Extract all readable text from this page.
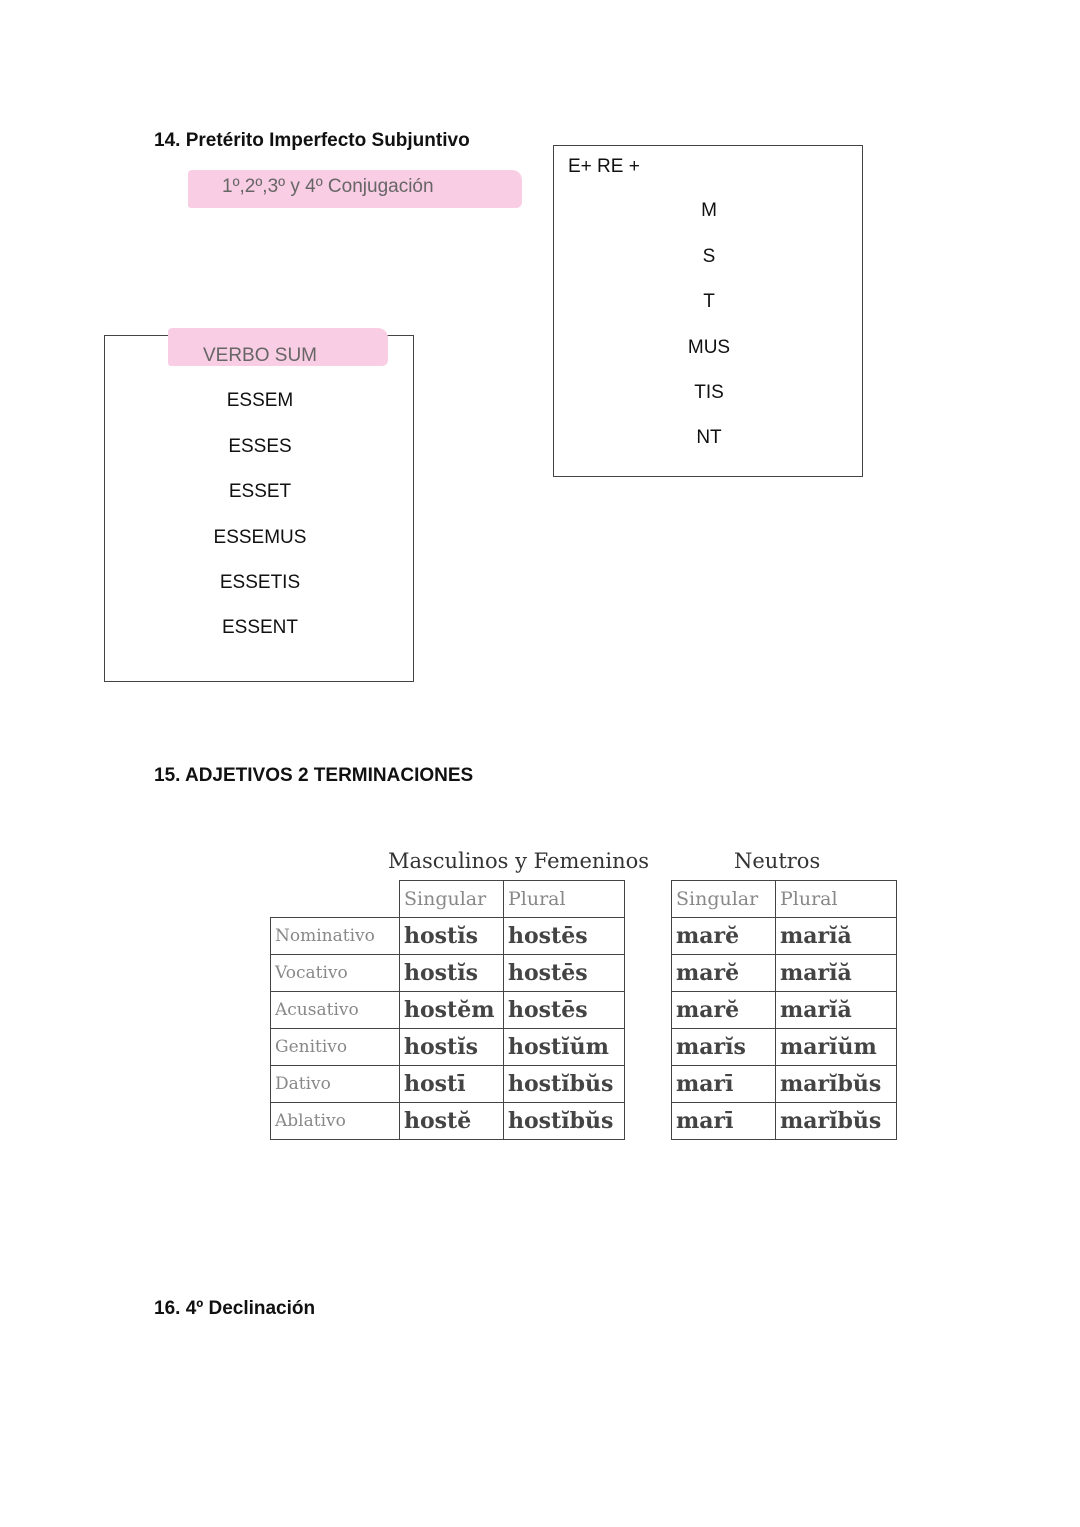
14. Pretérito Imperfecto Subjuntivo
1º,2º,3º y 4º Conjugación
E+ RE +
M
S
T
MUS
TIS
NT
VERBO SUM
ESSEM
ESSES
ESSET
ESSEMUS
ESSETIS
ESSENT
15. ADJETIVOS 2 TERMINACIONES
Masculinos y Femeninos	Neutros
	Singular	Plural
Nominativo	hostĭs	hostēs
Vocativo	hostĭs	hostēs
Acusativo	hostĕm	hostēs
Genitivo	hostĭs	hostĭŭm
Dativo	hostī	hostĭbŭs
Ablativo	hostĕ	hostĭbŭs
Singular	Plural
marĕ	marĭă
marĕ	marĭă
marĕ	marĭă
marĭs	marĭŭm
marī	marĭbŭs
marī	marĭbŭs
16. 4º Declinación
